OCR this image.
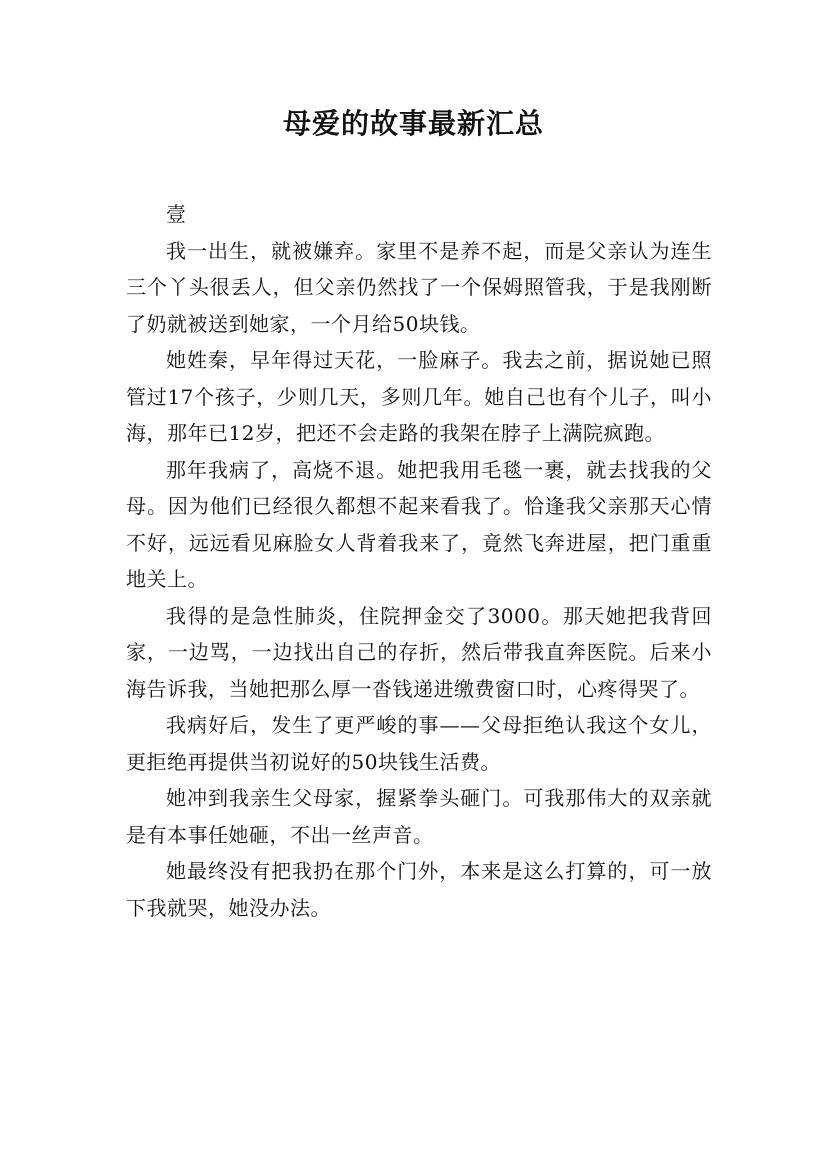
母爱的故事最新汇总

壹

我一出生，就被嫌弃。家里不是养不起，而是父亲认为连生三个丫头很丢人，但父亲仍然找了一个保姆照管我，于是我刚断了奶就被送到她家，一个月给50块钱。

她姓秦，早年得过天花，一脸麻子。我去之前，据说她已照管过17个孩子，少则几天，多则几年。她自己也有个儿子，叫小海，那年已12岁，把还不会走路的我架在脖子上满院疯跑。

那年我病了，高烧不退。她把我用毛毯一裹，就去找我的父母。因为他们已经很久都想不起来看我了。恰逢我父亲那天心情不好，远远看见麻脸女人背着我来了，竟然飞奔进屋，把门重重地关上。

我得的是急性肺炎，住院押金交了3000。那天她把我背回家，一边骂，一边找出自己的存折，然后带我直奔医院。后来小海告诉我，当她把那么厚一沓钱递进缴费窗口时，心疼得哭了。

我病好后，发生了更严峻的事——父母拒绝认我这个女儿，更拒绝再提供当初说好的50块钱生活费。

她冲到我亲生父母家，握紧拳头砸门。可我那伟大的双亲就是有本事任她砸，不出一丝声音。

她最终没有把我扔在那个门外，本来是这么打算的，可一放下我就哭，她没办法。
